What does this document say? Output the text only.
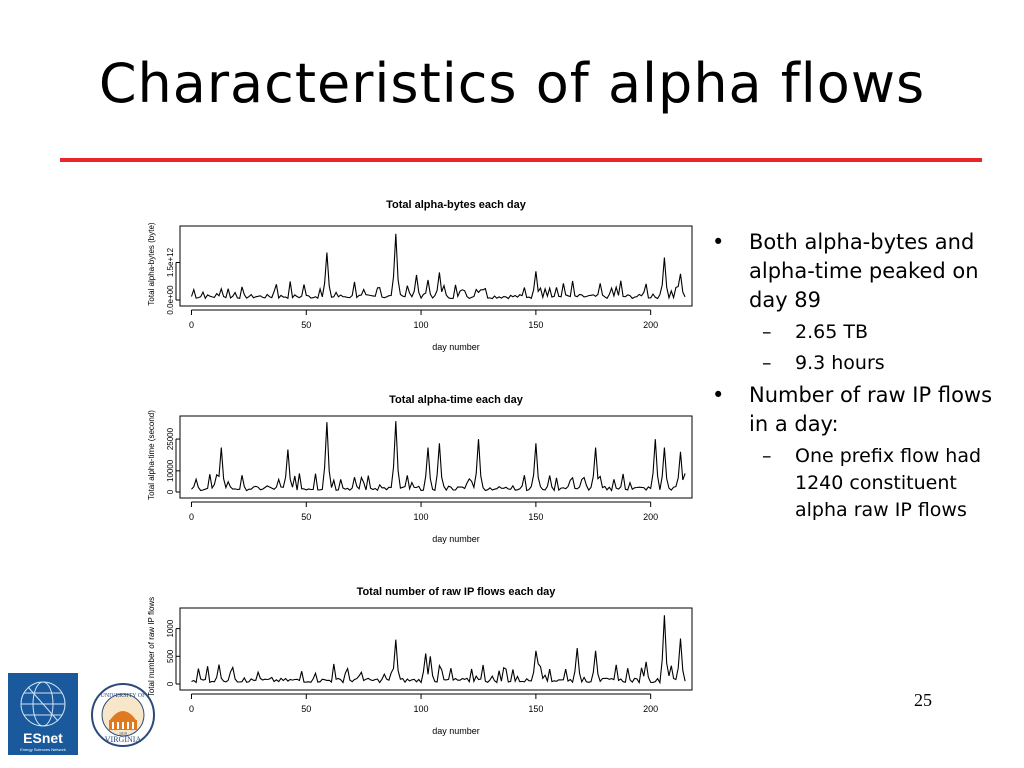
Characteristics of alpha flows
Total alpha-bytes each day
0	50	100	150	200
day number
0.0e+00
1.5e+12
Total alpha-bytes (byte)
Total alpha-time each day
0	50	100	150	200
day number
0
10000
25000
Total alpha-time (second)
Total number of raw IP flows each day
0	50	100	150	200
day number
0
500
1000
Total number of raw IP flows
• Both alpha-bytes and alpha-time peaked on day 89
– 2.65 TB
– 9.3 hours
• Number of raw IP flows in a day:
– One prefix flow had 1240 constituent alpha raw IP flows
25
ESnet
Energy Sciences Network
UNIVERSITY OF
VIRGINIA
1819
